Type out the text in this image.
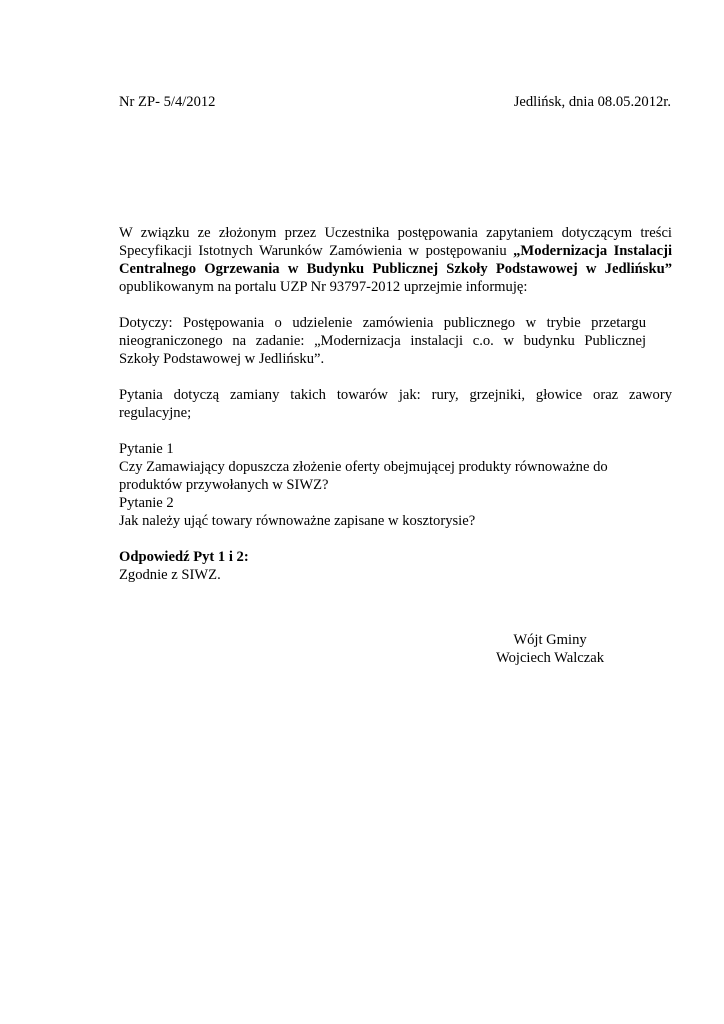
Nr ZP- 5/4/2012	Jedlińsk, dnia 08.05.2012r.
W związku ze złożonym przez Uczestnika postępowania zapytaniem dotyczącym treści
Specyfikacji Istotnych Warunków Zamówienia w postępowaniu „Modernizacja Instalacji
Centralnego Ogrzewania w Budynku Publicznej Szkoły Podstawowej w Jedlińsku”
opublikowanym na portalu UZP Nr 93797-2012 uprzejmie informuję:
Dotyczy: Postępowania o udzielenie zamówienia publicznego w trybie przetargu
nieograniczonego na zadanie: „Modernizacja instalacji c.o. w budynku Publicznej
Szkoły Podstawowej w Jedlińsku”.
Pytania dotyczą zamiany takich towarów jak: rury, grzejniki, głowice oraz zawory
regulacyjne;
Pytanie 1
Czy Zamawiający dopuszcza złożenie oferty obejmującej produkty równoważne do
produktów przywołanych w SIWZ?
Pytanie 2
Jak należy ująć towary równoważne zapisane w kosztorysie?
Odpowiedź Pyt 1 i 2:
Zgodnie z SIWZ.
Wójt Gminy
Wojciech Walczak
